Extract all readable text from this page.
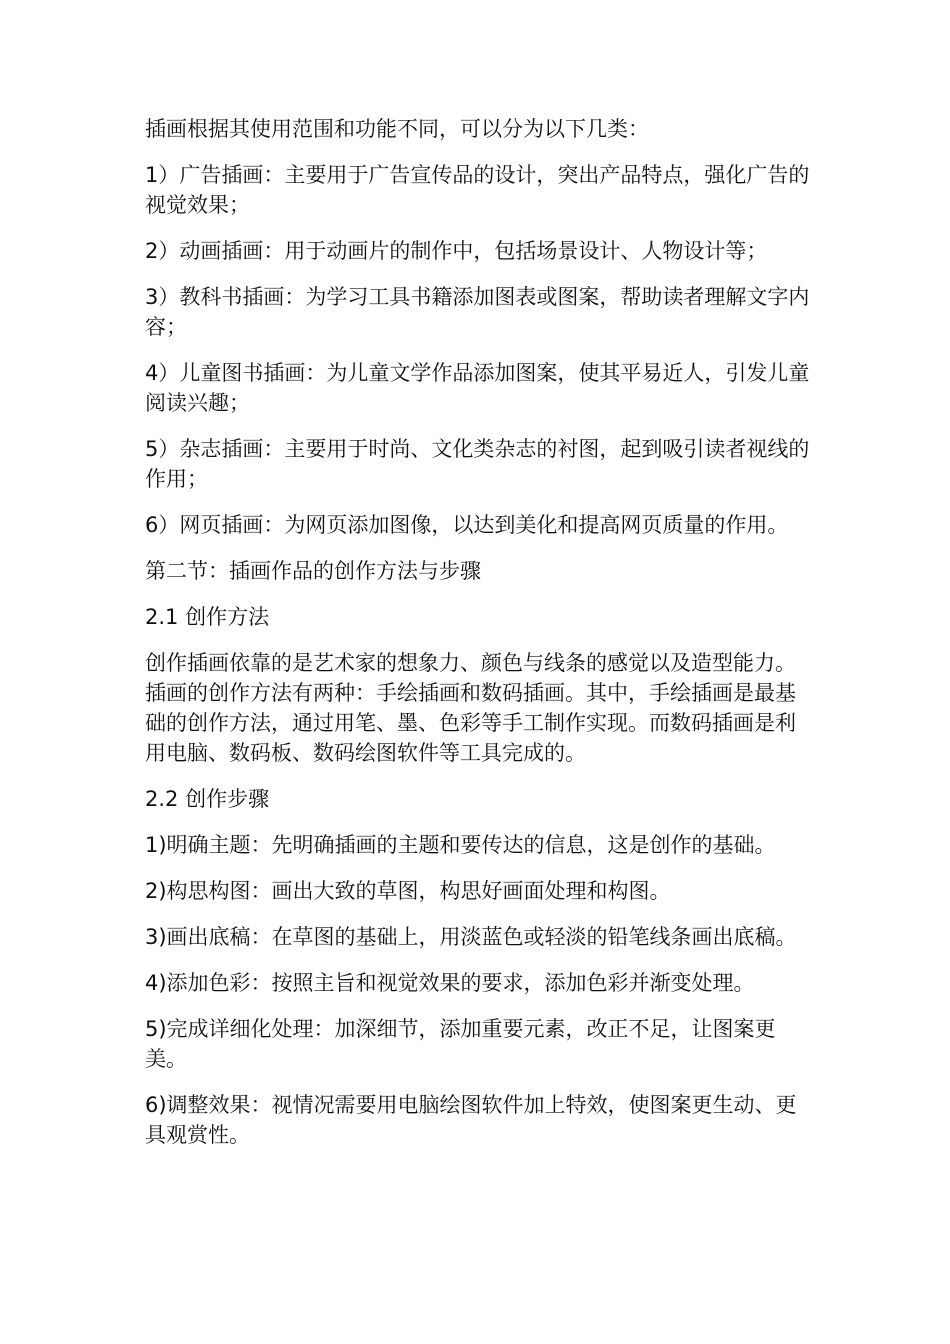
插画根据其使用范围和功能不同，可以分为以下几类：

1）广告插画：主要用于广告宣传品的设计，突出产品特点，强化广告的视觉效果；

2）动画插画：用于动画片的制作中，包括场景设计、人物设计等；

3）教科书插画：为学习工具书籍添加图表或图案，帮助读者理解文字内容；

4）儿童图书插画：为儿童文学作品添加图案，使其平易近人，引发儿童阅读兴趣；

5）杂志插画：主要用于时尚、文化类杂志的衬图，起到吸引读者视线的作用；

6）网页插画：为网页添加图像，以达到美化和提高网页质量的作用。

第二节：插画作品的创作方法与步骤

2.1 创作方法

创作插画依靠的是艺术家的想象力、颜色与线条的感觉以及造型能力。插画的创作方法有两种：手绘插画和数码插画。其中，手绘插画是最基础的创作方法，通过用笔、墨、色彩等手工制作实现。而数码插画是利用电脑、数码板、数码绘图软件等工具完成的。

2.2 创作步骤

1)明确主题：先明确插画的主题和要传达的信息，这是创作的基础。

2)构思构图：画出大致的草图，构思好画面处理和构图。

3)画出底稿：在草图的基础上，用淡蓝色或轻淡的铅笔线条画出底稿。

4)添加色彩：按照主旨和视觉效果的要求，添加色彩并渐变处理。

5)完成详细化处理：加深细节，添加重要元素，改正不足，让图案更美。

6)调整效果：视情况需要用电脑绘图软件加上特效，使图案更生动、更具观赏性。
